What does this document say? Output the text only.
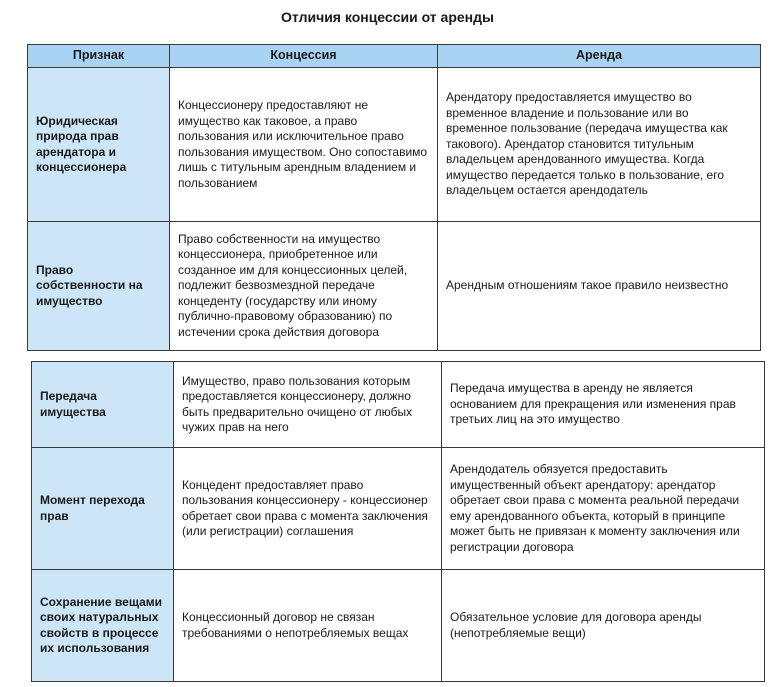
Отличия концессии от аренды
Признак	Концессия	Аренда
Юридическая природа прав арендатора и концессионера	Концессионеру предоставляют не имущество как таковое, а право пользования или исключительное право пользования имуществом. Оно сопоставимо лишь с титульным арендным владением и пользованием	Арендатору предоставляется имущество во временное владение и пользование или во временное пользование (передача имущества как такового). Арендатор становится титульным владельцем арендованного имущества. Когда имущество передается только в пользование, его владельцем остается арендодатель
Право собственности на имущество	Право собственности на имущество концессионера, приобретенное или созданное им для концессионных целей, подлежит безвозмездной передаче концеденту (государству или иному публично-правовому образованию) по истечении срока действия договора	Арендным отношениям такое правило неизвестно
Передача имущества	Имущество, право пользования которым предоставляется концессионеру, должно быть предварительно очищено от любых чужих прав на него	Передача имущества в аренду не является основанием для прекращения или изменения прав третьих лиц на это имущество
Момент перехода прав	Концедент предоставляет право пользования концессионеру - концессионер обретает свои права с момента заключения (или регистрации) соглашения	Арендодатель обязуется предоставить имущественный объект арендатору: арендатор обретает свои права с момента реальной передачи ему арендованного объекта, который в принципе может быть не привязан к моменту заключения или регистрации договора
Сохранение вещами своих натуральных свойств в процессе их использования	Концессионный договор не связан требованиями о непотребляемых вещах	Обязательное условие для договора аренды (непотребляемые вещи)
